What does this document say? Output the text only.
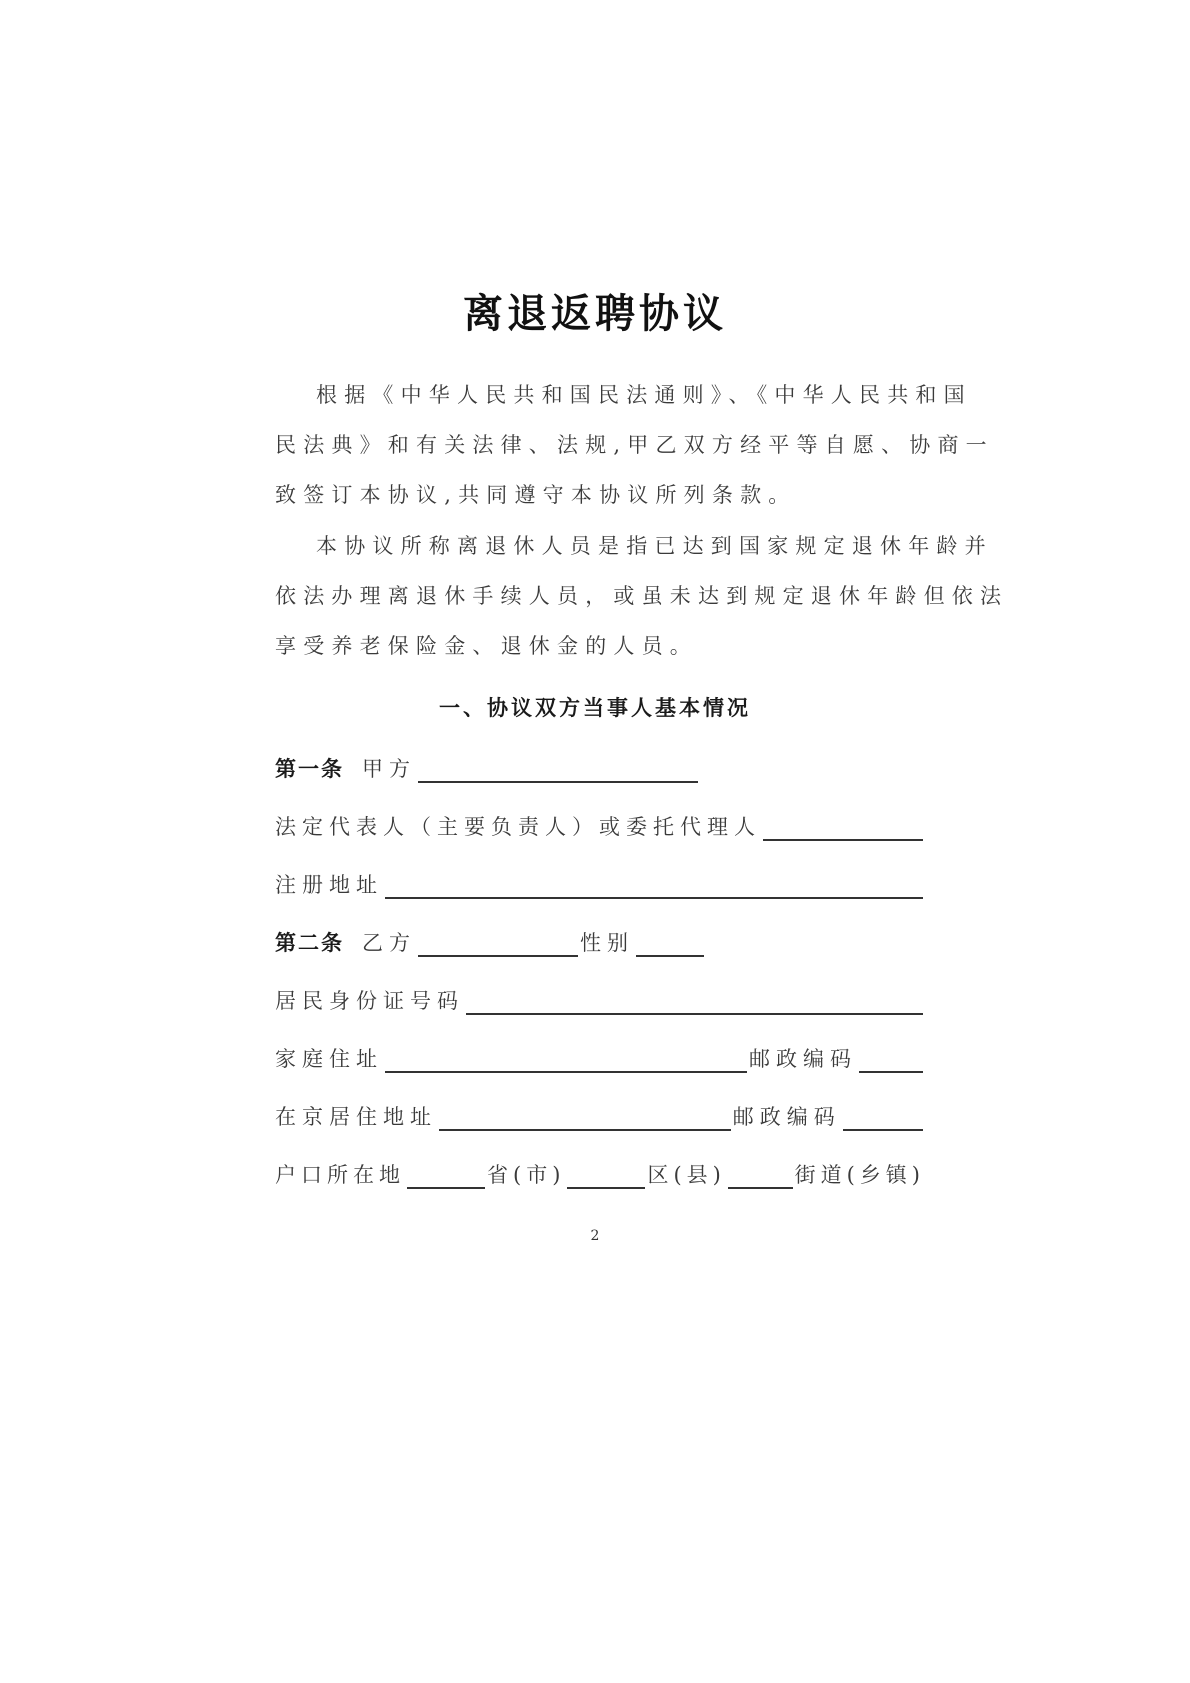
离退返聘协议
根据《中华人民共和国民法通则》、《中华人民共和国
民法典》和有关法律、法规,甲乙双方经平等自愿、协商一
致签订本协议,共同遵守本协议所列条款。
本协议所称离退休人员是指已达到国家规定退休年龄并
依法办理离退休手续人员，或虽未达到规定退休年龄但依法
享受养老保险金、退休金的人员。
一、协议双方当事人基本情况
第一条 甲方
法定代表人（主要负责人）或委托代理人
注册地址
第二条 乙方	性别
居民身份证号码
家庭住址	邮政编码
在京居住地址	邮政编码
户口所在地	省(市)	区(县)	街道(乡镇)
2
